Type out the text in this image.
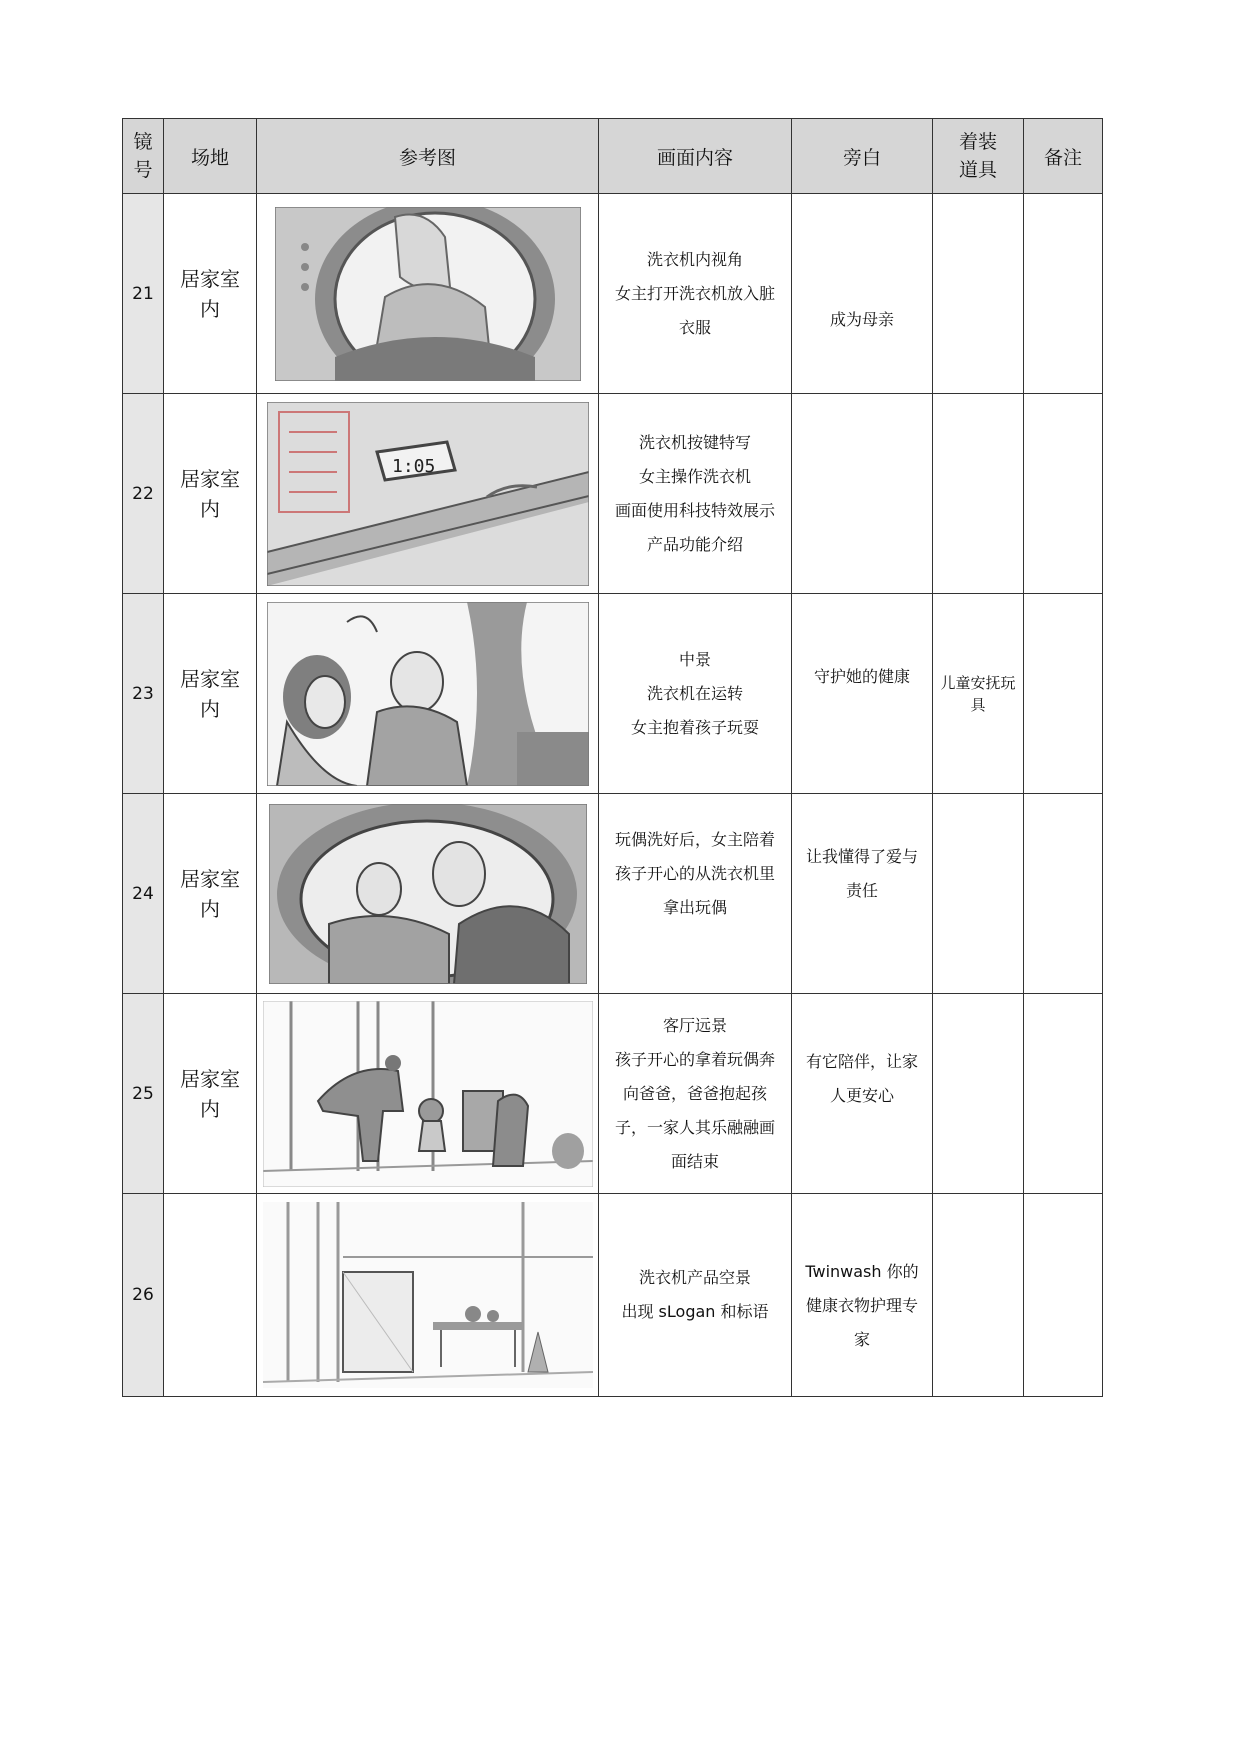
镜号	场地	参考图	画面内容	旁白	着装道具	备注
21	居家室内		洗衣机内视角
女主打开洗衣机放入脏
衣服	成为母亲		

22	居家室内	1:05	洗衣机按键特写
女主操作洗衣机
画面使用科技特效展示
产品功能介绍			

23	居家室内		中景
洗衣机在运转
女主抱着孩子玩耍	守护她的健康	儿童安抚玩具	
24	居家室内		玩偶洗好后，女主陪着
孩子开心的从洗衣机里
拿出玩偶	让我懂得了爱与
责任		

25	居家室内		客厅远景
孩子开心的拿着玩偶奔
向爸爸，爸爸抱起孩
子，一家人其乐融融画
面结束	有它陪伴，让家
人更安心		

26			洗衣机产品空景
出现 sLogan 和标语	Twinwash 你的
健康衣物护理专
家		
